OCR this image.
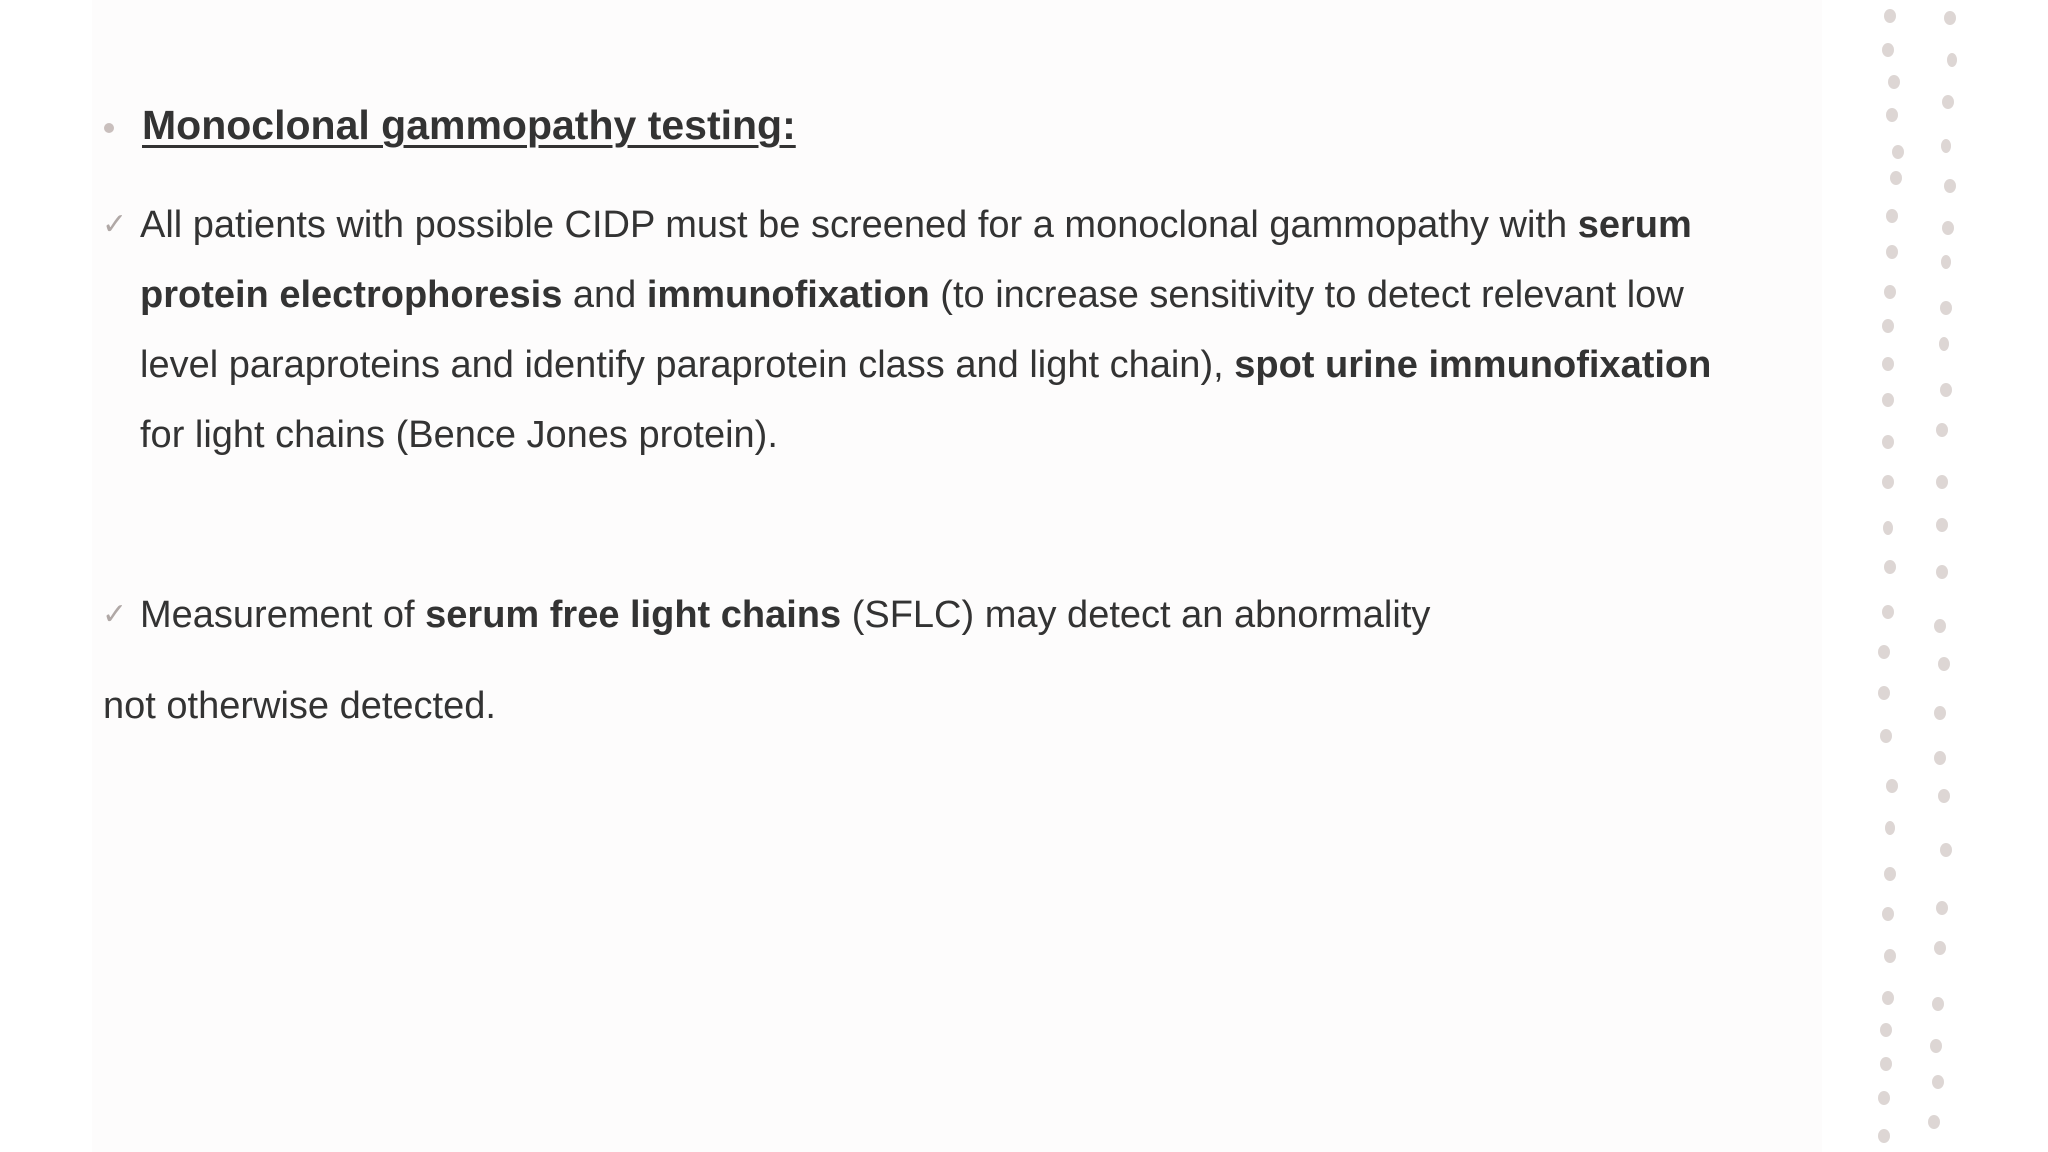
Monoclonal gammopathy testing:
✓ All patients with possible CIDP must be screened for a monoclonal gammopathy with serum protein electrophoresis and immunofixation (to increase sensitivity to detect relevant low level paraproteins and identify paraprotein class and light chain), spot urine immunofixation for light chains (Bence Jones protein).
✓ Measurement of serum free light chains (SFLC) may detect an abnormality
not otherwise detected.
